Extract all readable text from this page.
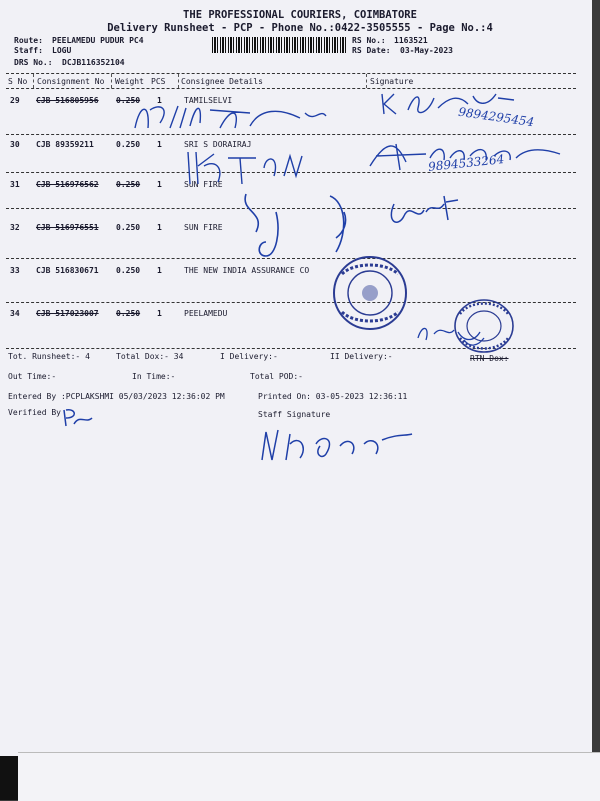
THE PROFESSIONAL COURIERS, COIMBATORE
Delivery Runsheet - PCP - Phone No.:0422-3505555 - Page No.:4
Route: PEELAMEDU PUDUR PC4
Staff: LOGU
DRS No.: DCJB116352104
RS No.: 1163521
RS Date: 03-May-2023
S No Consignment No Weight PCS Consignee Details	Signature
29 CJB 516805956 0.250 1	TAMILSELVI
30 CJB 89359211	0.250 1	SRI S DORAIRAJ
31 CJB 516976562 0.250 1	SUN FIRE
32 CJB 516976551 0.250 1	SUN FIRE
33 CJB 516830671 0.250 1	THE NEW INDIA ASSURANCE CO
34 CJB 517023007 0.250 1	PEELAMEDU
Tot. Runsheet:- 4	Total Dox:- 34	I Delivery:-	II Delivery:-	RTN Dox:
Out Time:-	In Time:-	Total POD:-
Entered By :PCPLAKSHMI 05/03/2023 12:36:02 PM	Printed On: 03-05-2023 12:36:11
Verified By	Staff Signature
9894295454
9894533264
